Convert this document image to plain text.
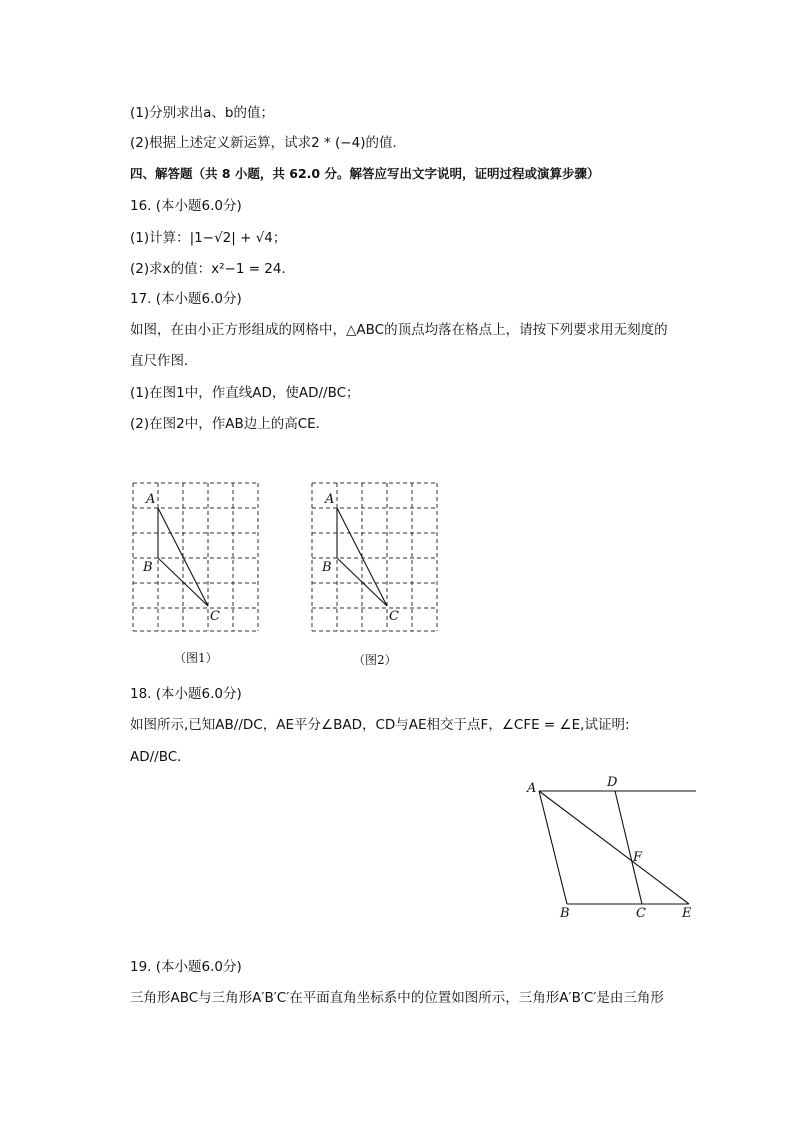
(1)分别求出a、b的值；
(2)根据上述定义新运算，试求2 * (−4)的值．
四、解答题（共 8 小题，共 62.0 分。解答应写出文字说明，证明过程或演算步骤）
16. (本小题6.0分)
(1)计算：|1−√2| + √4；
(2)求x的值：x²−1 = 24．
17. (本小题6.0分)
如图，在由小正方形组成的网格中，△ABC的顶点均落在格点上，请按下列要求用无刻度的
直尺作图．
(1)在图1中，作直线AD，使AD//BC；
(2)在图2中，作AB边上的高CE．
A
B
C
（图1）
A
B
C
（图2）
18. (本小题6.0分)
如图所示,已知AB//DC，AE平分∠BAD，CD与AE相交于点F，∠CFE = ∠E,试证明:
AD//BC．
A	D
F
B	C	E
19. (本小题6.0分)
三角形ABC与三角形A′B′C′在平面直角坐标系中的位置如图所示，三角形A′B′C′是由三角形
